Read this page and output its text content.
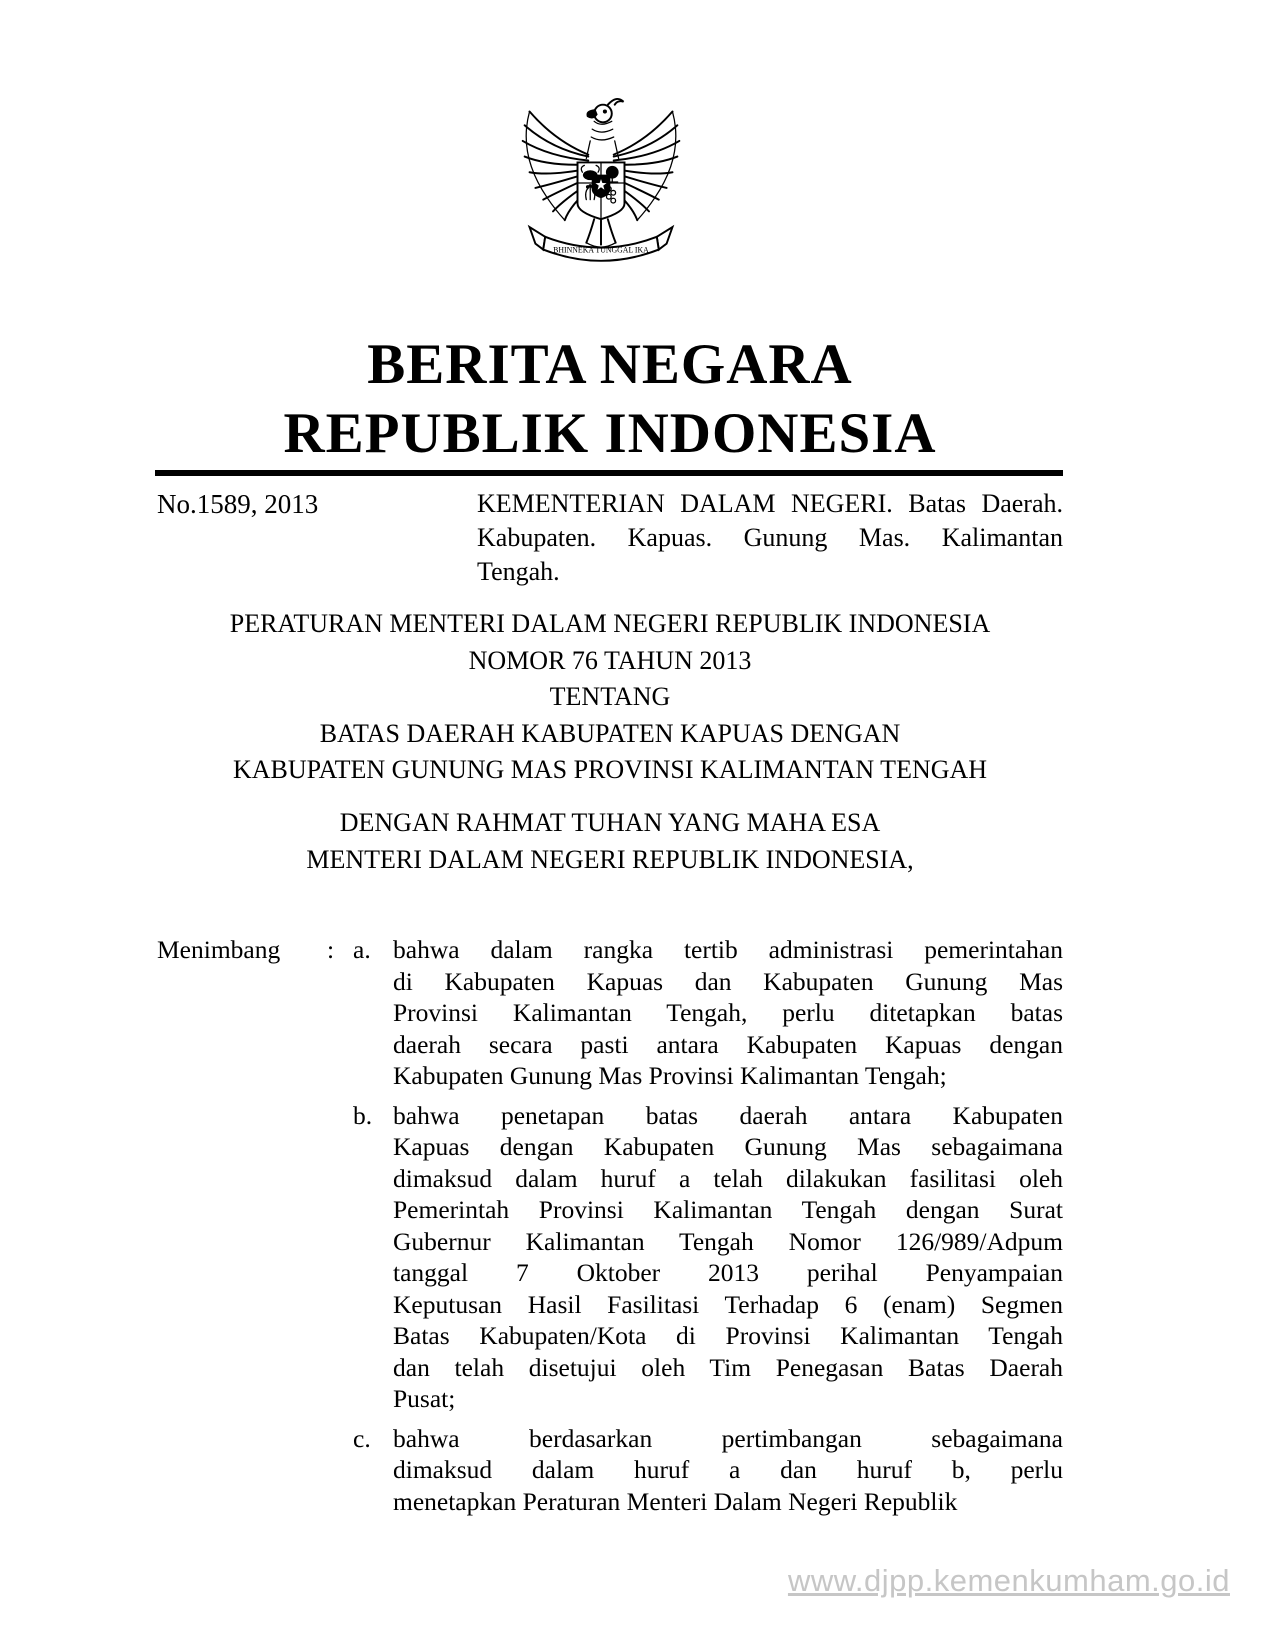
BHINNEKA TUNGGAL IKA
BERITA NEGARA
REPUBLIK INDONESIA
No.1589, 2013	KEMENTERIAN DALAM NEGERI. Batas Daerah.
Kabupaten. Kapuas. Gunung Mas. Kalimantan
Tengah.
PERATURAN MENTERI DALAM NEGERI REPUBLIK INDONESIA
NOMOR 76 TAHUN 2013
TENTANG
BATAS DAERAH KABUPATEN KAPUAS DENGAN
KABUPATEN GUNUNG MAS PROVINSI KALIMANTAN TENGAH
DENGAN RAHMAT TUHAN YANG MAHA ESA
MENTERI DALAM NEGERI REPUBLIK INDONESIA,
Menimbang	: a. bahwa dalam rangka tertib administrasi pemerintahan
di Kabupaten Kapuas dan Kabupaten Gunung Mas
Provinsi Kalimantan Tengah, perlu ditetapkan batas
daerah secara pasti antara Kabupaten Kapuas dengan
Kabupaten Gunung Mas Provinsi Kalimantan Tengah;
b. bahwa penetapan batas daerah antara Kabupaten
Kapuas dengan Kabupaten Gunung Mas sebagaimana
dimaksud dalam huruf a telah dilakukan fasilitasi oleh
Pemerintah Provinsi Kalimantan Tengah dengan Surat
Gubernur Kalimantan Tengah Nomor 126/989/Adpum
tanggal 7 Oktober 2013 perihal Penyampaian
Keputusan Hasil Fasilitasi Terhadap 6 (enam) Segmen
Batas Kabupaten/Kota di Provinsi Kalimantan Tengah
dan telah disetujui oleh Tim Penegasan Batas Daerah
Pusat;
c. bahwa berdasarkan pertimbangan sebagaimana
dimaksud dalam huruf a dan huruf b, perlu
menetapkan Peraturan Menteri Dalam Negeri Republik
www.djpp.kemenkumham.go.id
